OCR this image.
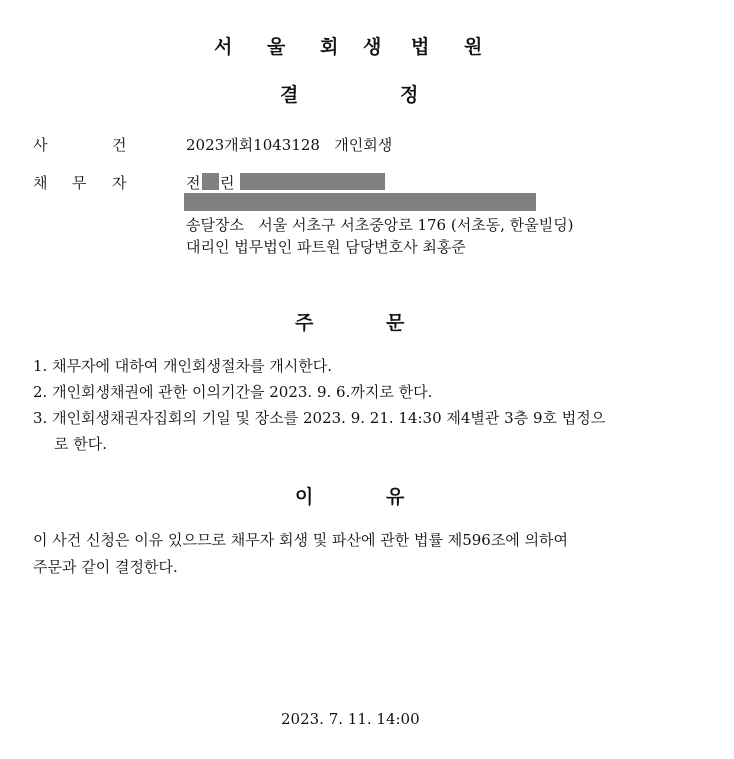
서 울 회 생 법 원
결	정
사	건	2023개회1043128   개인회생
채 무 자	전 린
송달장소   서울 서초구 서초중앙로 176 (서초동, 한울빌딩)
대리인 법무법인 파트원 담당변호사 최홍준
주	문
1. 채무자에 대하여 개인회생절차를 개시한다.
2. 개인회생채권에 관한 이의기간을 2023. 9. 6.까지로 한다.
3. 개인회생채권자집회의 기일 및 장소를 2023. 9. 21. 14:30 제4별관 3층 9호 법정으
로 한다.
이	유
이 사건 신청은 이유 있으므로 채무자 회생 및 파산에 관한 법률 제596조에 의하여
주문과 같이 결정한다.
2023. 7. 11. 14:00
